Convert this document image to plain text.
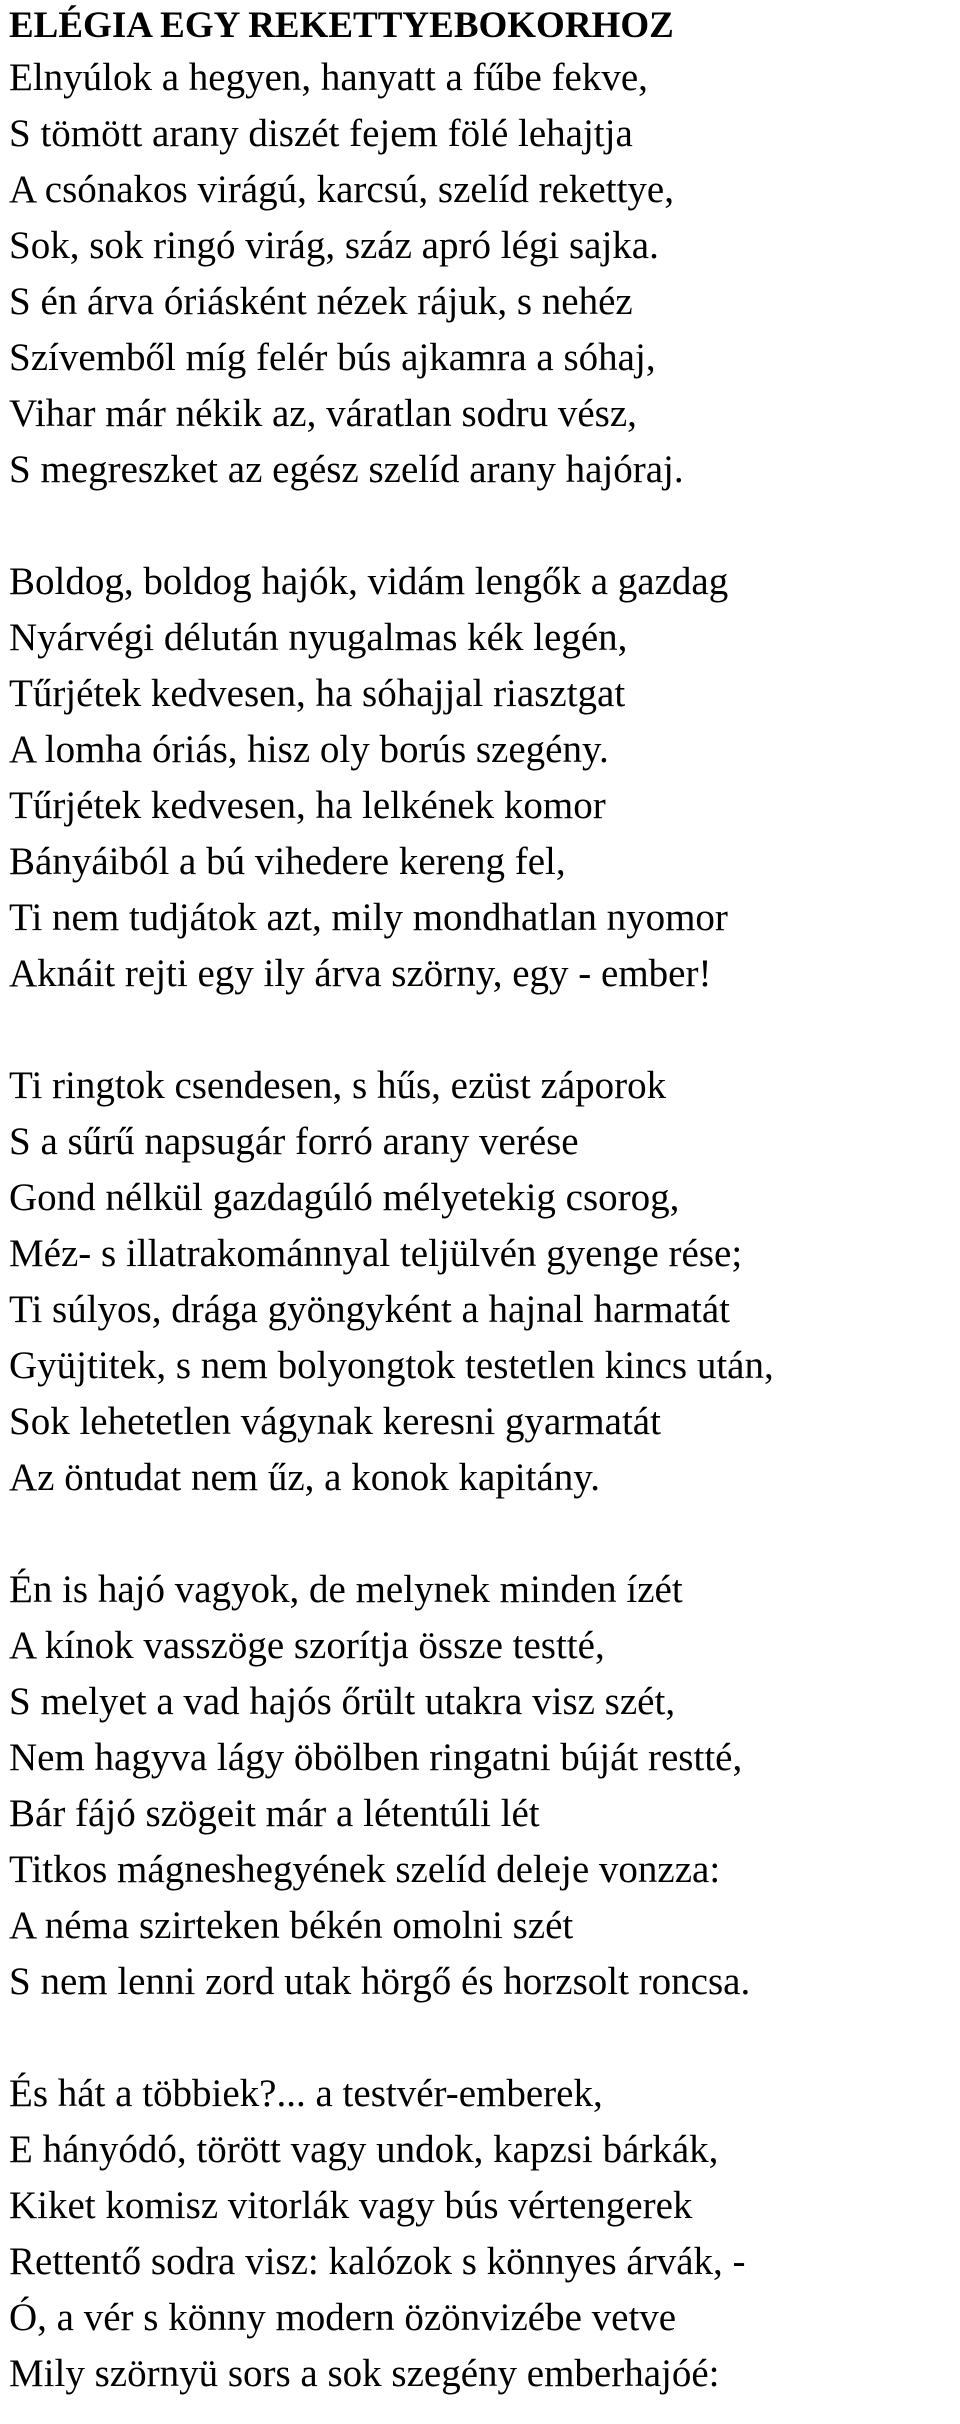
ELÉGIA EGY REKETTYEBOKORHOZ

Elnyúlok a hegyen, hanyatt a fűbe fekve,
S tömött arany diszét fejem fölé lehajtja
A csónakos virágú, karcsú, szelíd rekettye,
Sok, sok ringó virág, száz apró légi sajka.
S én árva óriásként nézek rájuk, s nehéz
Szívemből míg felér bús ajkamra a sóhaj,
Vihar már nékik az, váratlan sodru vész,
S megreszket az egész szelíd arany hajóraj.

Boldog, boldog hajók, vidám lengők a gazdag
Nyárvégi délután nyugalmas kék legén,
Tűrjétek kedvesen, ha sóhajjal riasztgat
A lomha óriás, hisz oly borús szegény.
Tűrjétek kedvesen, ha lelkének komor
Bányáiból a bú vihedere kereng fel,
Ti nem tudjátok azt, mily mondhatlan nyomor
Aknáit rejti egy ily árva szörny, egy - ember!

Ti ringtok csendesen, s hűs, ezüst záporok
S a sűrű napsugár forró arany verése
Gond nélkül gazdagúló mélyetekig csorog,
Méz- s illatrakománnyal teljülvén gyenge rése;
Ti súlyos, drága gyöngyként a hajnal harmatát
Gyüjtitek, s nem bolyongtok testetlen kincs után,
Sok lehetetlen vágynak keresni gyarmatát
Az öntudat nem űz, a konok kapitány.

Én is hajó vagyok, de melynek minden ízét
A kínok vasszöge szorítja össze testté,
S melyet a vad hajós őrült utakra visz szét,
Nem hagyva lágy öbölben ringatni búját restté,
Bár fájó szögeit már a létentúli lét
Titkos mágneshegyének szelíd deleje vonzza:
A néma szirteken békén omolni szét
S nem lenni zord utak hörgő és horzsolt roncsa.

És hát a többiek?... a testvér-emberek,
E hányódó, törött vagy undok, kapzsi bárkák,
Kiket komisz vitorlák vagy bús vértengerek
Rettentő sodra visz: kalózok s könnyes árvák, -
Ó, a vér s könny modern özönvizébe vetve
Mily szörnyü sors a sok szegény emberhajóé:
